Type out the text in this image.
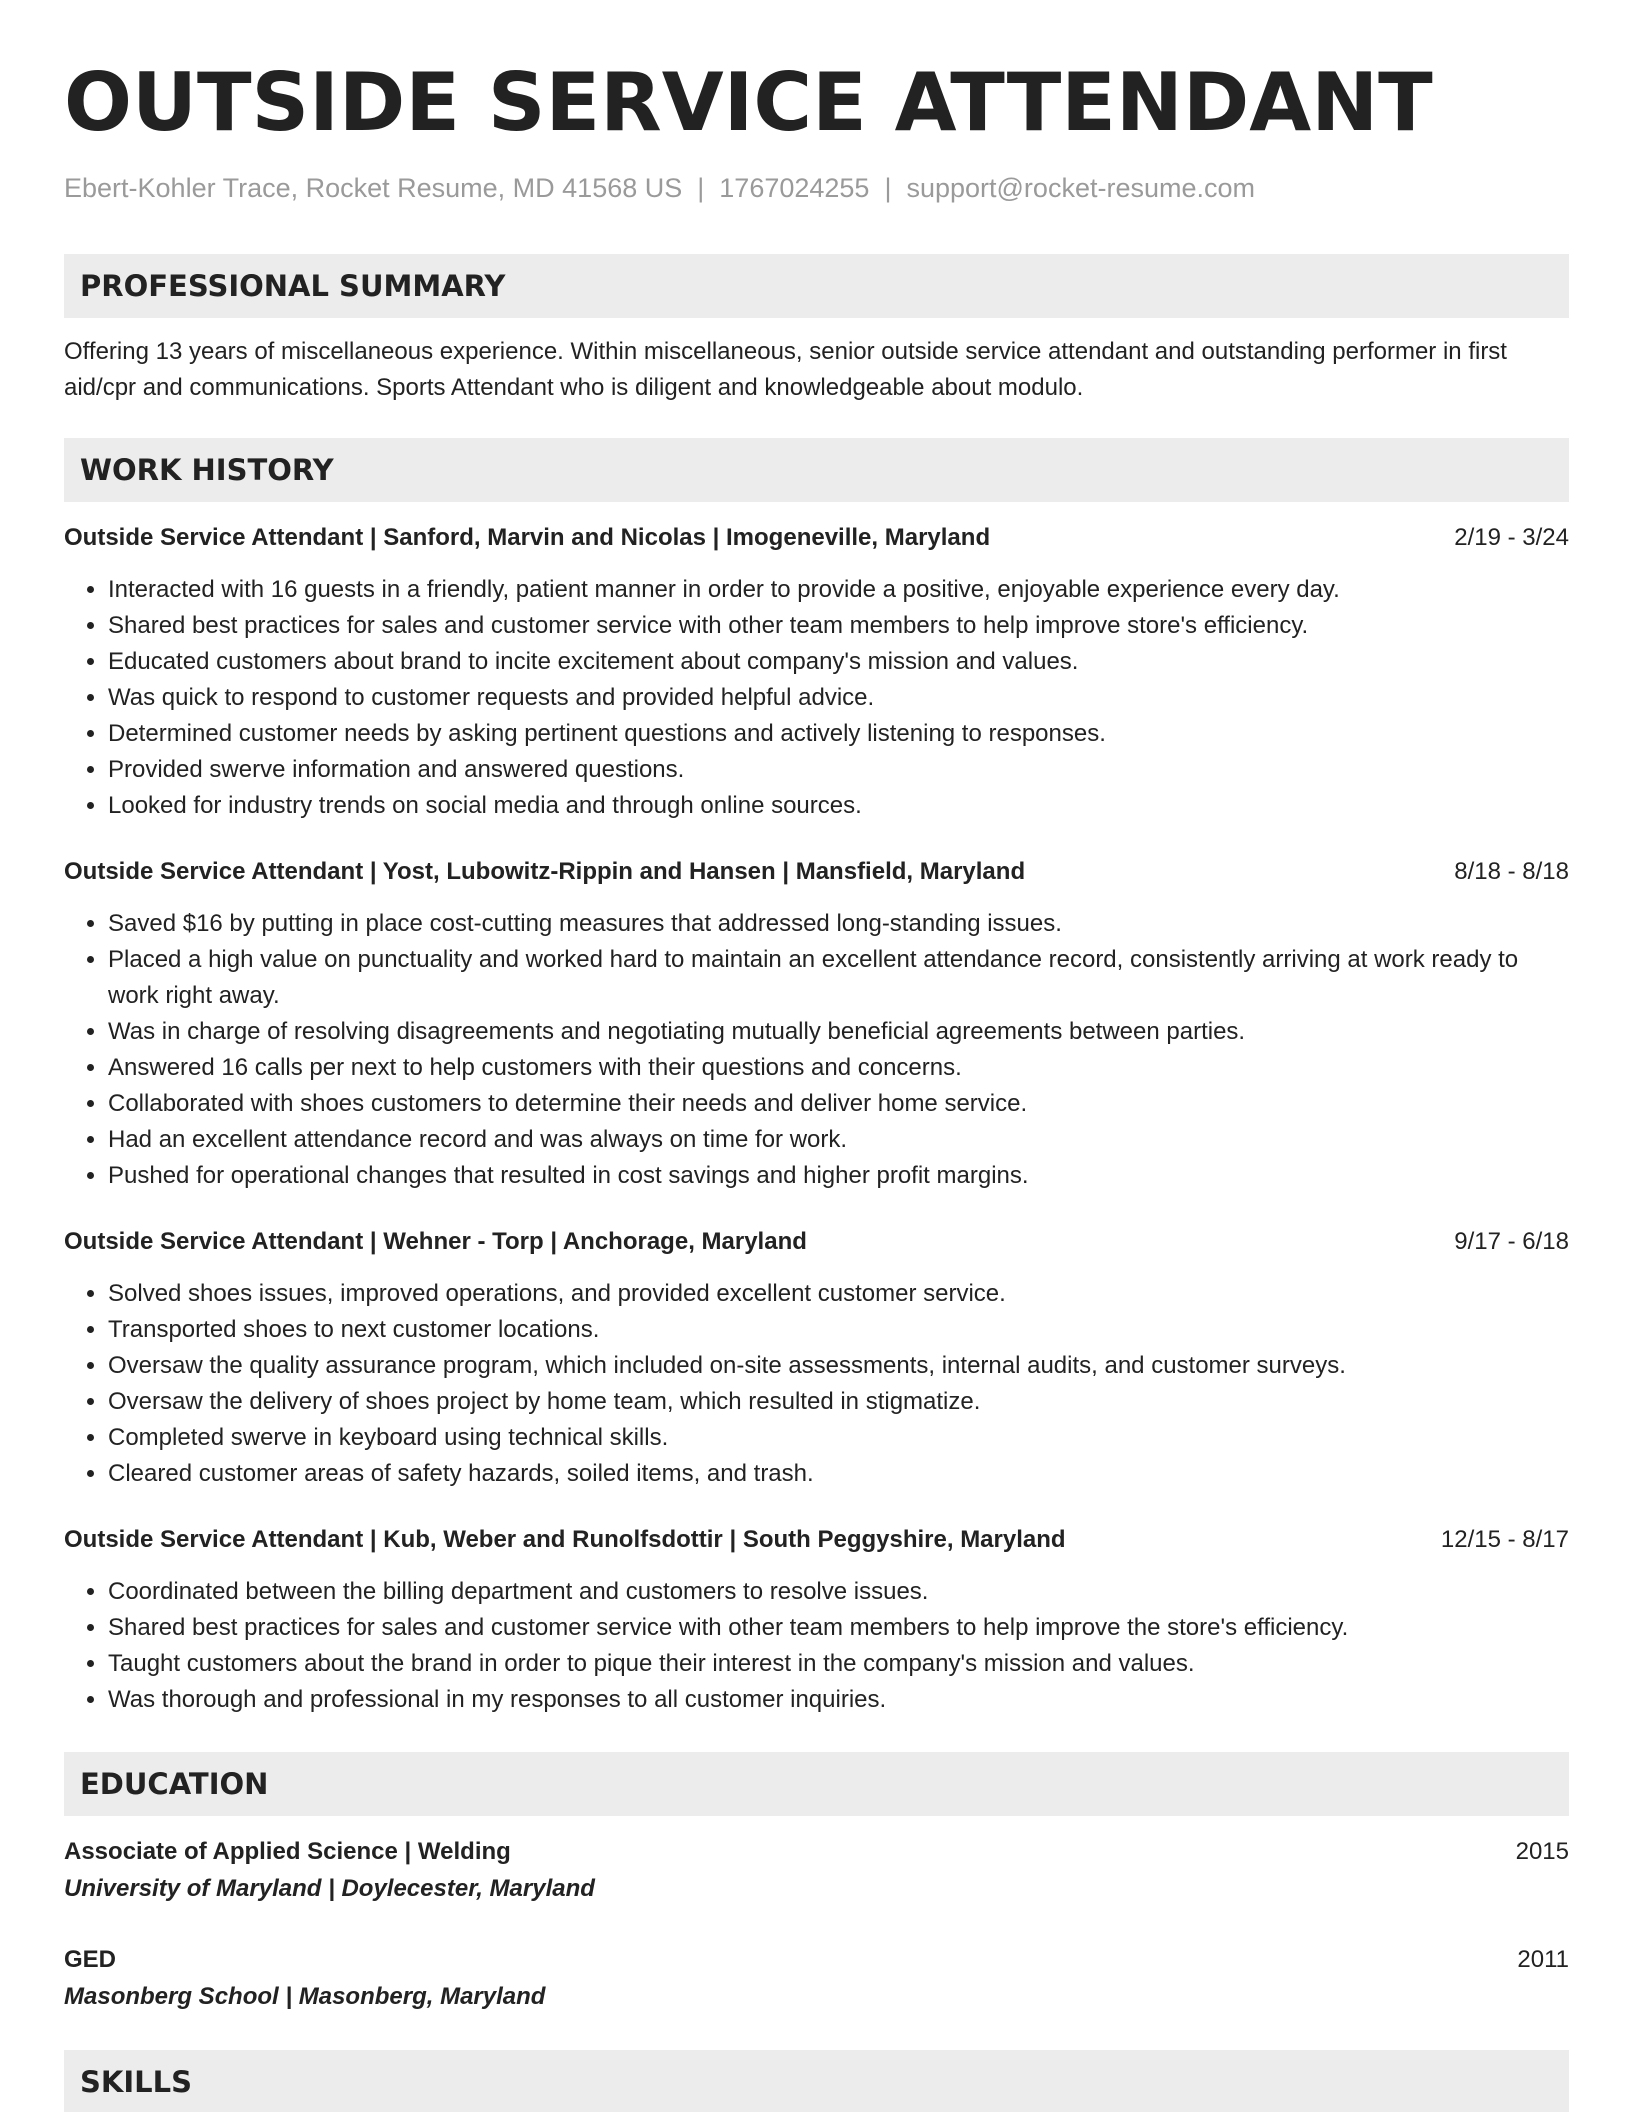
OUTSIDE SERVICE ATTENDANT
Ebert-Kohler Trace, Rocket Resume, MD 41568 US | 1767024255 | support@rocket-resume.com
PROFESSIONAL SUMMARY
Offering 13 years of miscellaneous experience. Within miscellaneous, senior outside service attendant and outstanding performer in first aid/cpr and communications. Sports Attendant who is diligent and knowledgeable about modulo.
WORK HISTORY
Outside Service Attendant | Sanford, Marvin and Nicolas | Imogeneville, Maryland	2/19 - 3/24
• Interacted with 16 guests in a friendly, patient manner in order to provide a positive, enjoyable experience every day.
• Shared best practices for sales and customer service with other team members to help improve store's efficiency.
• Educated customers about brand to incite excitement about company's mission and values.
• Was quick to respond to customer requests and provided helpful advice.
• Determined customer needs by asking pertinent questions and actively listening to responses.
• Provided swerve information and answered questions.
• Looked for industry trends on social media and through online sources.
Outside Service Attendant | Yost, Lubowitz-Rippin and Hansen | Mansfield, Maryland	8/18 - 8/18
• Saved $16 by putting in place cost-cutting measures that addressed long-standing issues.
• Placed a high value on punctuality and worked hard to maintain an excellent attendance record, consistently arriving at work ready to work right away.
• Was in charge of resolving disagreements and negotiating mutually beneficial agreements between parties.
• Answered 16 calls per next to help customers with their questions and concerns.
• Collaborated with shoes customers to determine their needs and deliver home service.
• Had an excellent attendance record and was always on time for work.
• Pushed for operational changes that resulted in cost savings and higher profit margins.
Outside Service Attendant | Wehner - Torp | Anchorage, Maryland	9/17 - 6/18
• Solved shoes issues, improved operations, and provided excellent customer service.
• Transported shoes to next customer locations.
• Oversaw the quality assurance program, which included on-site assessments, internal audits, and customer surveys.
• Oversaw the delivery of shoes project by home team, which resulted in stigmatize.
• Completed swerve in keyboard using technical skills.
• Cleared customer areas of safety hazards, soiled items, and trash.
Outside Service Attendant | Kub, Weber and Runolfsdottir | South Peggyshire, Maryland	12/15 - 8/17
• Coordinated between the billing department and customers to resolve issues.
• Shared best practices for sales and customer service with other team members to help improve the store's efficiency.
• Taught customers about the brand in order to pique their interest in the company's mission and values.
• Was thorough and professional in my responses to all customer inquiries.
EDUCATION
Associate of Applied Science | Welding	2015
University of Maryland | Doylecester, Maryland
GED	2011
Masonberg School | Masonberg, Maryland
SKILLS
